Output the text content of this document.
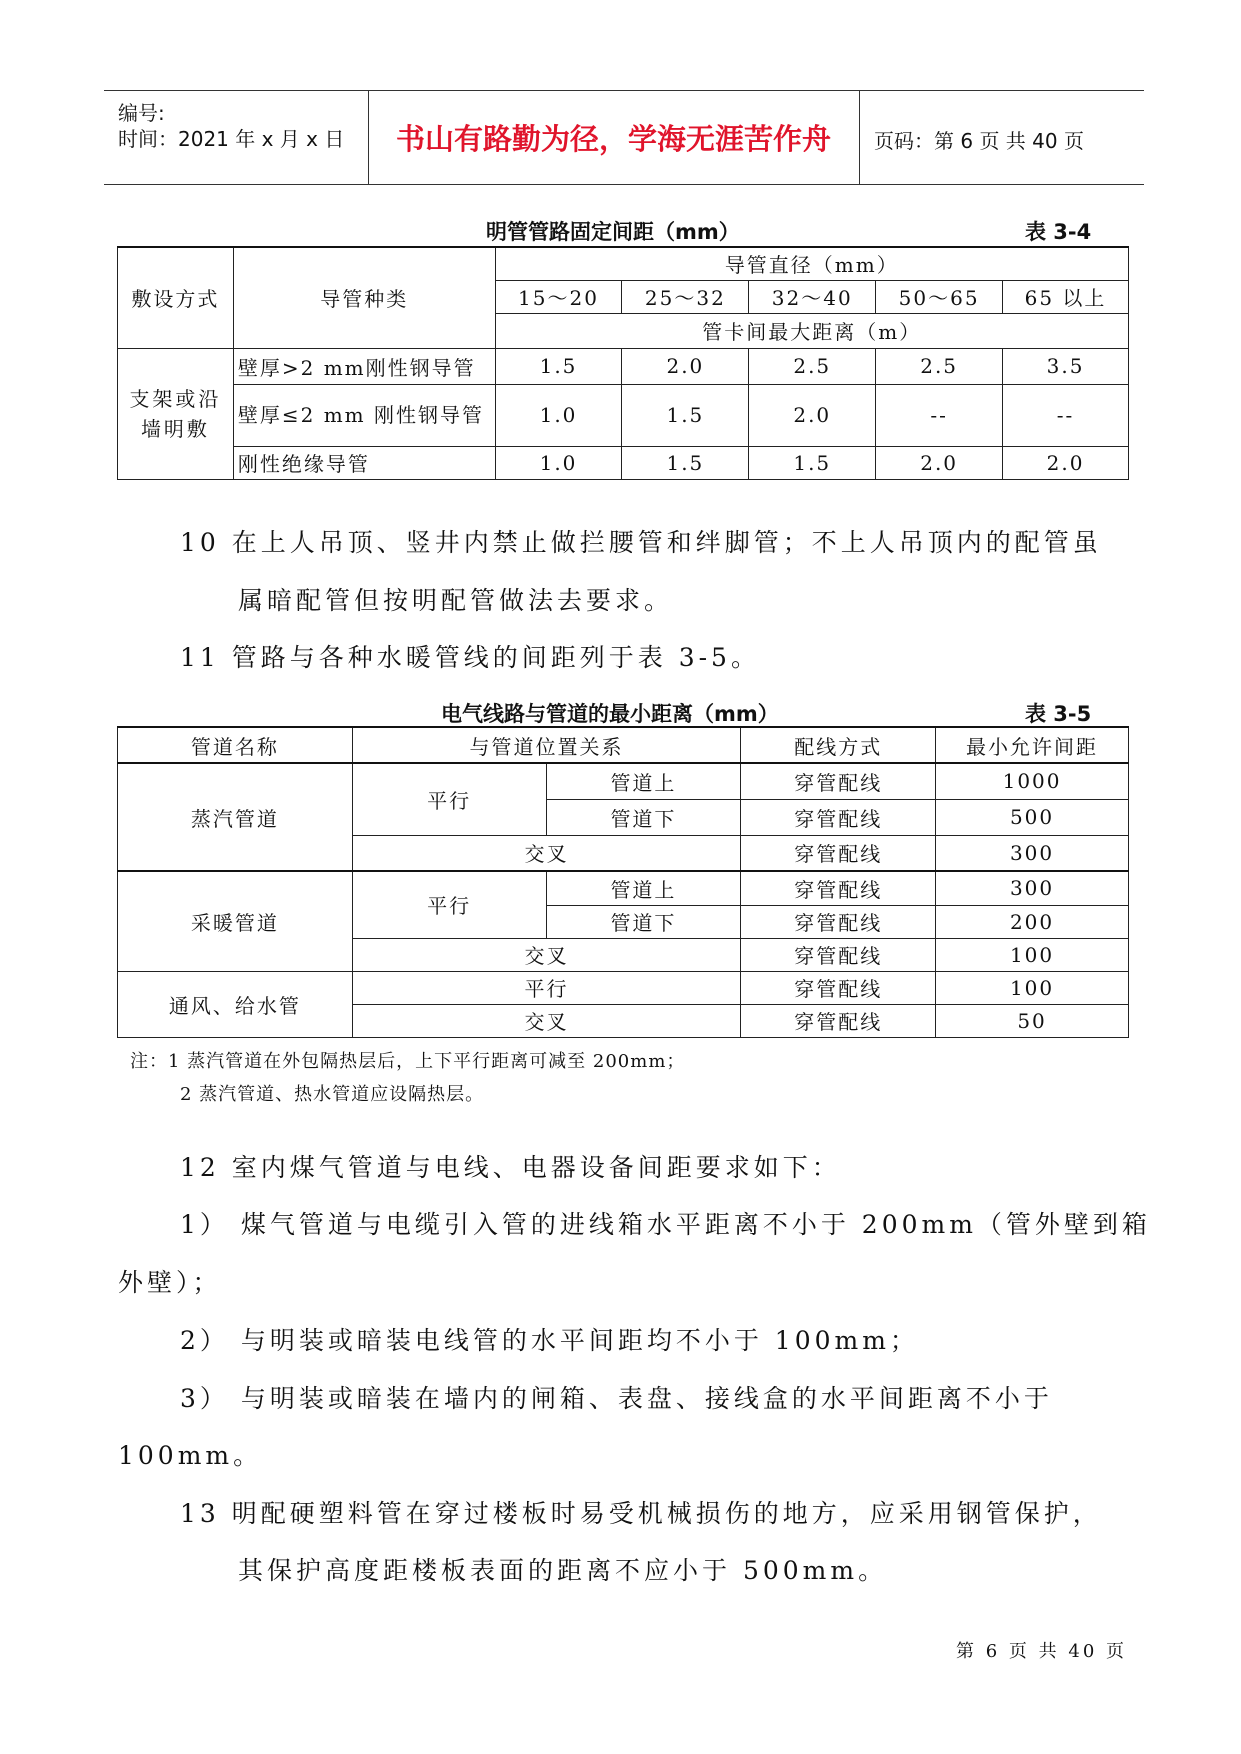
编号:
时间：2021 年 x 月 x 日	书山有路勤为径，学海无涯苦作舟	页码：第 6 页 共 40 页
明管管路固定间距（mm）	表 3-4
敷设方式	导管种类	导管直径（mm）				
		15～20	25～32	32～40	50～65	65 以上
		管卡间最大距离（m）				
支架或沿墙明敷	壁厚>2 mm刚性钢导管	1.5	2.0	2.5	2.5	3.5
	壁厚≤2 mm 刚性钢导管	1.0	1.5	2.0	--	--
	刚性绝缘导管	1.0	1.5	1.5	2.0	2.0
10 在上人吊顶、竖井内禁止做拦腰管和绊脚管；不上人吊顶内的配管虽
属暗配管但按明配管做法去要求。
11 管路与各种水暖管线的间距列于表 3-5。
电气线路与管道的最小距离（mm）	表 3-5
管道名称	与管道位置关系		配线方式	最小允许间距
蒸汽管道	平行	管道上	穿管配线	1000
		管道下	穿管配线	500
	交叉		穿管配线	300
采暖管道	平行	管道上	穿管配线	300
		管道下	穿管配线	200
	交叉		穿管配线	100
通风、给水管	平行		穿管配线	100
	交叉		穿管配线	50
注：1 蒸汽管道在外包隔热层后，上下平行距离可减至 200mm；
2 蒸汽管道、热水管道应设隔热层。
12 室内煤气管道与电线、电器设备间距要求如下：
1） 煤气管道与电缆引入管的进线箱水平距离不小于 200mm（管外壁到箱
外壁）；
2） 与明装或暗装电线管的水平间距均不小于 100mm；
3） 与明装或暗装在墙内的闸箱、表盘、接线盒的水平间距离不小于
100mm。
13 明配硬塑料管在穿过楼板时易受机械损伤的地方，应采用钢管保护，
其保护高度距楼板表面的距离不应小于 500mm。
第 6 页 共 40 页
